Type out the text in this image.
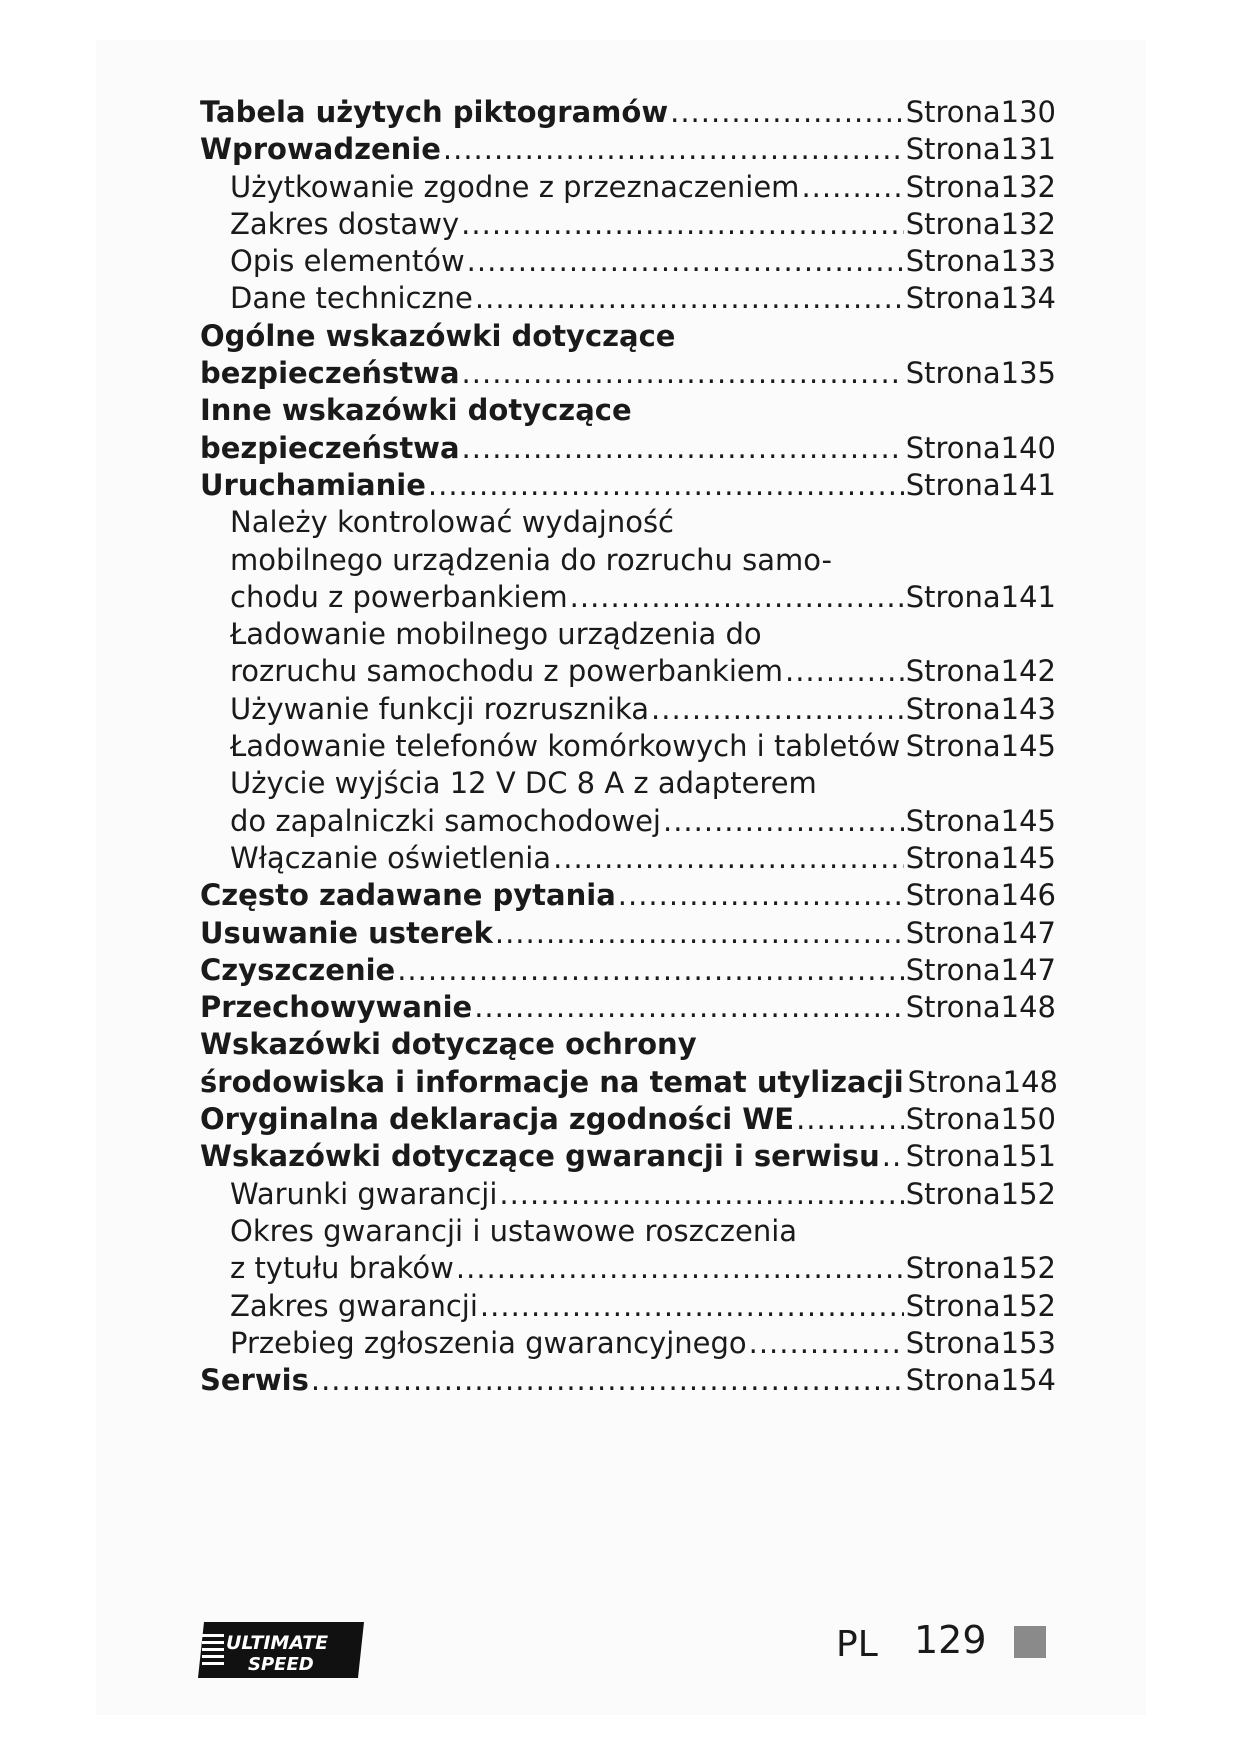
Tabela użytych piktogramów .....	Strona130
Wprowadzenie .....	Strona131
Użytkowanie zgodne z przeznaczeniem .....	Strona132
Zakres dostawy .....	Strona132
Opis elementów .....	Strona133
Dane techniczne .....	Strona134
Ogólne wskazówki dotyczące
bezpieczeństwa .....	Strona135
Inne wskazówki dotyczące
bezpieczeństwa .....	Strona140
Uruchamianie .....	Strona141
Należy kontrolować wydajność
mobilnego urządzenia do rozruchu samo-
chodu z powerbankiem .....	Strona141
Ładowanie mobilnego urządzenia do
rozruchu samochodu z powerbankiem .....	Strona142
Używanie funkcji rozrusznika .....	Strona143
Ładowanie telefonów komórkowych i tabletów ..... Strona145
Użycie wyjścia 12 V DC 8 A z adapterem
do zapalniczki samochodowej .....	Strona145
Włączanie oświetlenia .....	Strona145
Często zadawane pytania .....	Strona146
Usuwanie usterek .....	Strona147
Czyszczenie .....	Strona147
Przechowywanie .....	Strona148
Wskazówki dotyczące ochrony
środowiska i informacje na temat utylizacji Strona148
Oryginalna deklaracja zgodności WE .....	Strona150
Wskazówki dotyczące gwarancji i serwisu ..... Strona151
Warunki gwarancji .....	Strona152
Okres gwarancji i ustawowe roszczenia
z tytułu braków .....	Strona152
Zakres gwarancji .....	Strona152
Przebieg zgłoszenia gwarancyjnego .....	Strona153
Serwis .....	Strona154
ULTIMATE
SPEED	PL 129
